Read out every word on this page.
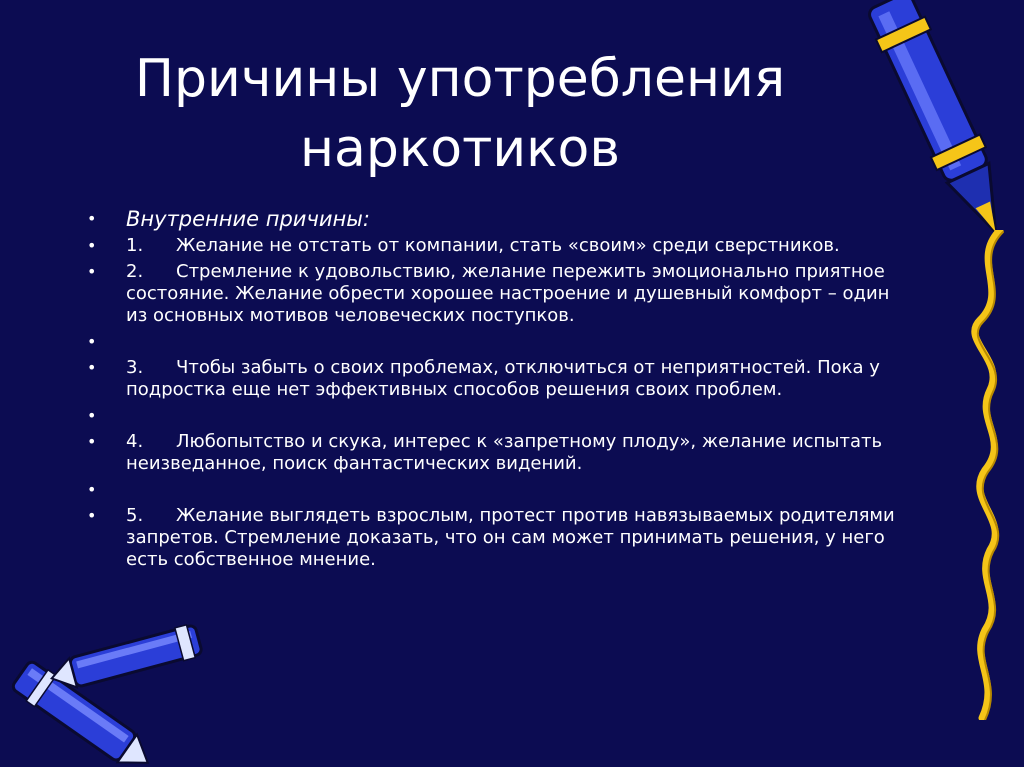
Причины употребления
наркотиков
• Внутренние причины:
• 1. Желание не отстать от компании, стать «своим» среди сверстников.
• 2. Стремление к удовольствию, желание пережить эмоционально приятное состояние. Желание обрести хорошее настроение и душевный комфорт – один из основных мотивов человеческих поступков.
•
• 3. Чтобы забыть о своих проблемах, отключиться от неприятностей. Пока у подростка еще нет эффективных способов решения своих проблем.
•
• 4. Любопытство и скука, интерес к «запретному плоду», желание испытать неизведанное, поиск фантастических видений.
•
• 5. Желание выглядеть взрослым, протест против навязываемых родителями запретов. Стремление доказать, что он сам может принимать решения, у него есть собственное мнение.
